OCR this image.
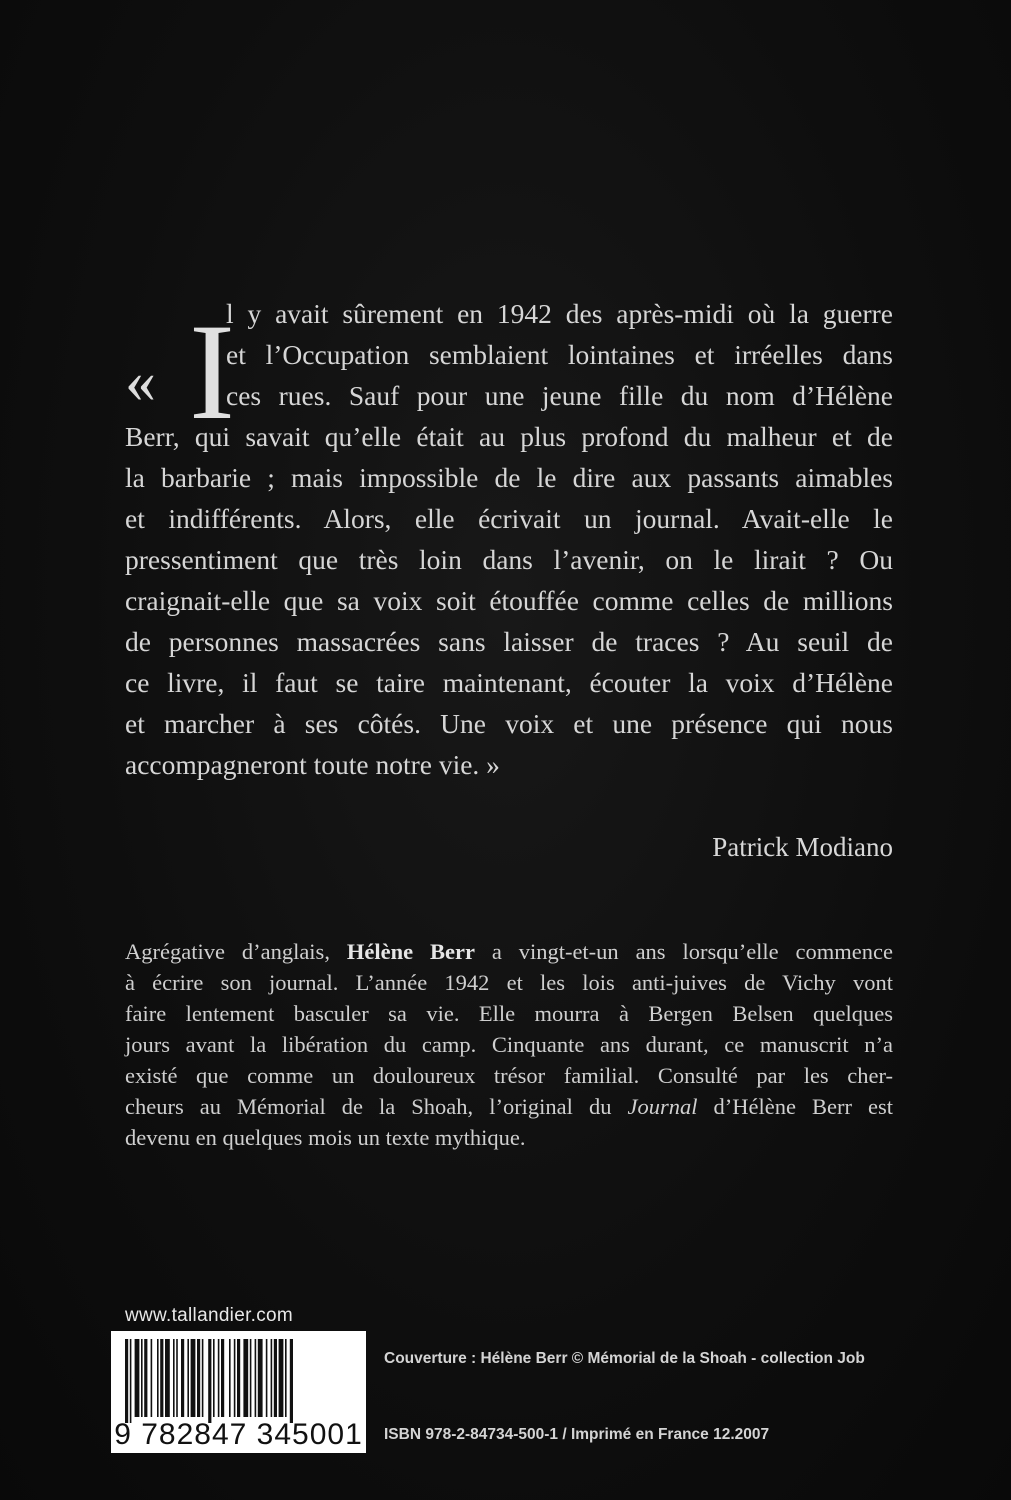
« I
l y avait sûrement en 1942 des après-midi où la guerre
et l’Occupation semblaient lointaines et irréelles dans
ces rues. Sauf pour une jeune fille du nom d’Hélène
Berr, qui savait qu’elle était au plus profond du malheur et de
la barbarie ; mais impossible de le dire aux passants aimables
et indifférents. Alors, elle écrivait un journal. Avait-elle le
pressentiment que très loin dans l’avenir, on le lirait ? Ou
craignait-elle que sa voix soit étouffée comme celles de millions
de personnes massacrées sans laisser de traces ? Au seuil de
ce livre, il faut se taire maintenant, écouter la voix d’Hélène
et marcher à ses côtés. Une voix et une présence qui nous
accompagneront toute notre vie. »
Patrick Modiano
Agrégative d’anglais, Hélène Berr a vingt-et-un ans lorsqu’elle commence
à écrire son journal. L’année 1942 et les lois anti-juives de Vichy vont
faire lentement basculer sa vie. Elle mourra à Bergen Belsen quelques
jours avant la libération du camp. Cinquante ans durant, ce manuscrit n’a
existé que comme un douloureux trésor familial. Consulté par les cher-
cheurs au Mémorial de la Shoah, l’original du Journal d’Hélène Berr est
devenu en quelques mois un texte mythique.
www.tallandier.com
9 782847 345001
Couverture : Hélène Berr © Mémorial de la Shoah - collection Job
ISBN 978-2-84734-500-1 / Imprimé en France 12.2007
